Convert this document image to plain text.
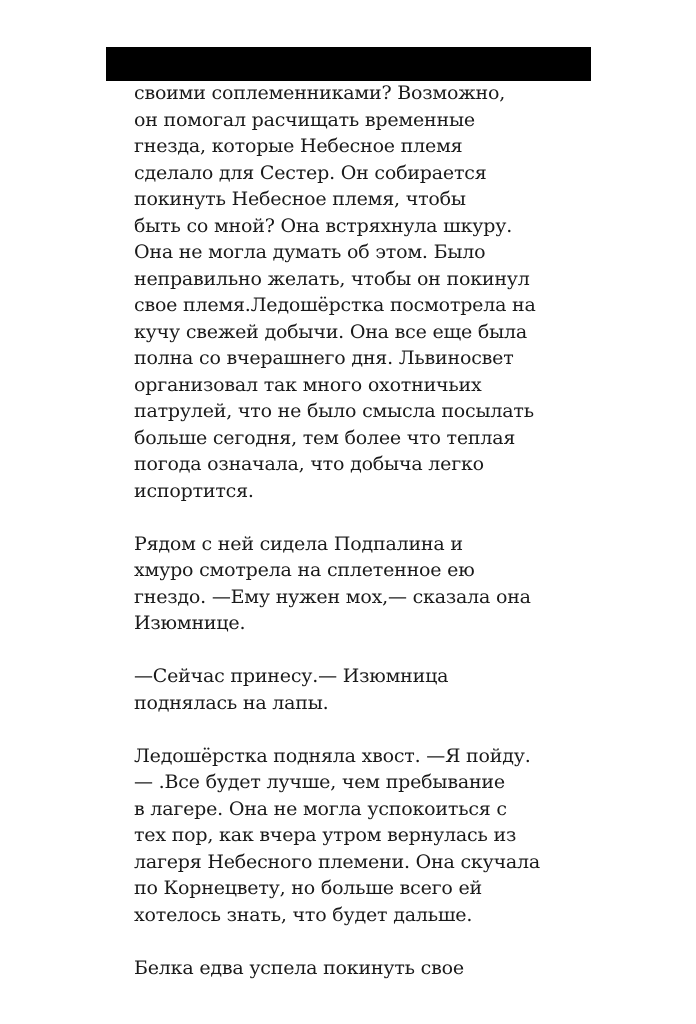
своими соплеменниками? Возможно,
он помогал расчищать временные
гнезда, которые Небесное племя
сделало для Сестер. Он собирается
покинуть Небесное племя, чтобы
быть со мной? Она встряхнула шкуру.
Она не могла думать об этом. Было
неправильно желать, чтобы он покинул
свое племя.Ледошёрстка посмотрела на
кучу свежей добычи. Она все еще была
полна со вчерашнего дня. Львиносвет
организовал так много охотничьих
патрулей, что не было смысла посылать
больше сегодня, тем более что теплая
погода означала, что добыча легко
испортится.
Рядом с ней сидела Подпалина и
хмуро смотрела на сплетенное ею
гнездо. —Ему нужен мох,— сказала она
Изюмнице.
—Сейчас принесу.— Изюмница
поднялась на лапы.
Ледошёрстка подняла хвост. —Я пойду.
— .Все будет лучше, чем пребывание
в лагере. Она не могла успокоиться с
тех пор, как вчера утром вернулась из
лагеря Небесного племени. Она скучала
по Корнецвету, но больше всего ей
хотелось знать, что будет дальше.
Белка едва успела покинуть свое
